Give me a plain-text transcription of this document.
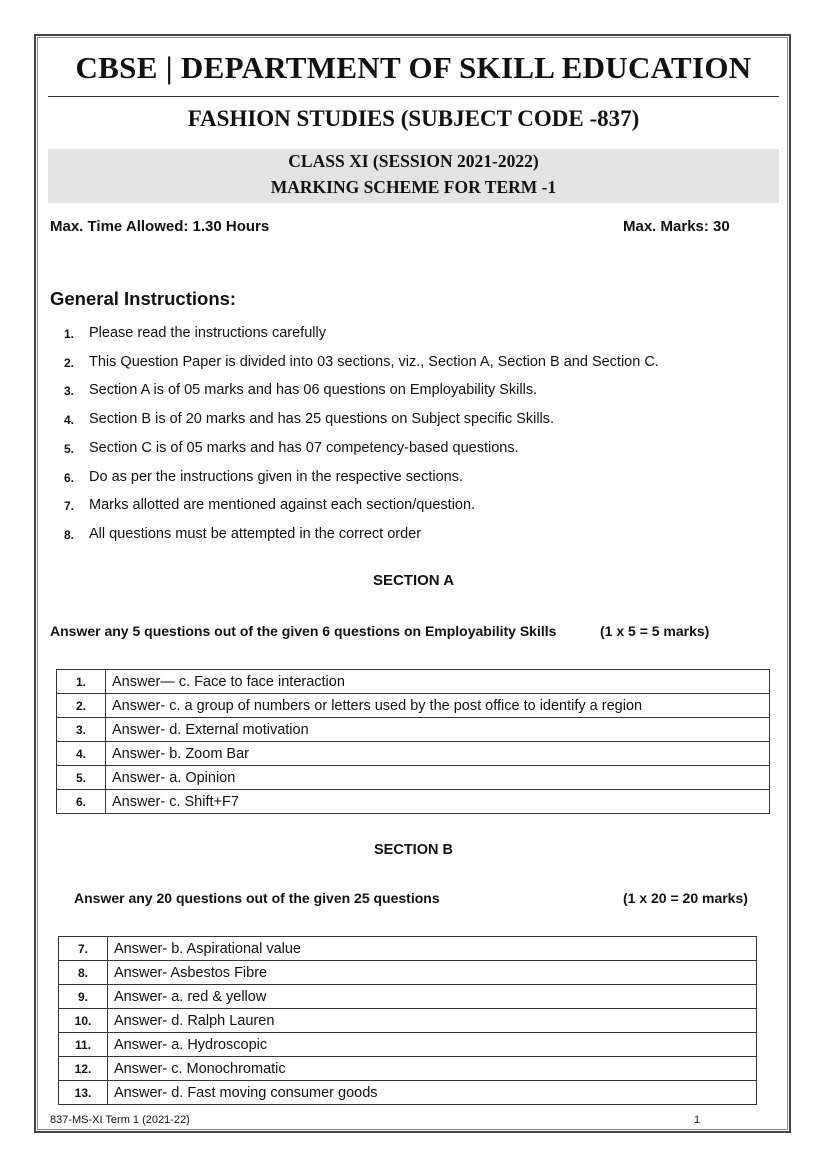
CBSE | DEPARTMENT OF SKILL EDUCATION
FASHION STUDIES (SUBJECT CODE -837)
CLASS XI (SESSION 2021-2022)
MARKING SCHEME FOR TERM -1
Max. Time Allowed: 1.30 Hours	Max. Marks: 30
General Instructions:
1. Please read the instructions carefully
2. This Question Paper is divided into 03 sections, viz., Section A, Section B and Section C.
3. Section A is of 05 marks and has 06 questions on Employability Skills.
4. Section B is of 20 marks and has 25 questions on Subject specific Skills.
5. Section C is of 05 marks and has 07 competency-based questions.
6. Do as per the instructions given in the respective sections.
7. Marks allotted are mentioned against each section/question.
8. All questions must be attempted in the correct order
SECTION A
Answer any 5 questions out of the given 6 questions on Employability Skills	(1 x 5 = 5 marks)
1.	Answer— c. Face to face interaction
2.	Answer- c. a group of numbers or letters used by the post office to identify a region
3.	Answer- d. External motivation
4.	Answer- b. Zoom Bar
5.	Answer- a. Opinion
6.	Answer- c. Shift+F7
SECTION B
Answer any 20 questions out of the given 25 questions	(1 x 20 = 20 marks)
7.	Answer- b. Aspirational value
8.	Answer- Asbestos Fibre
9.	Answer- a. red & yellow
10.	Answer- d. Ralph Lauren
11.	Answer- a. Hydroscopic
12.	Answer- c. Monochromatic
13.	Answer- d. Fast moving consumer goods
837-MS-XI Term 1 (2021-22)	1
